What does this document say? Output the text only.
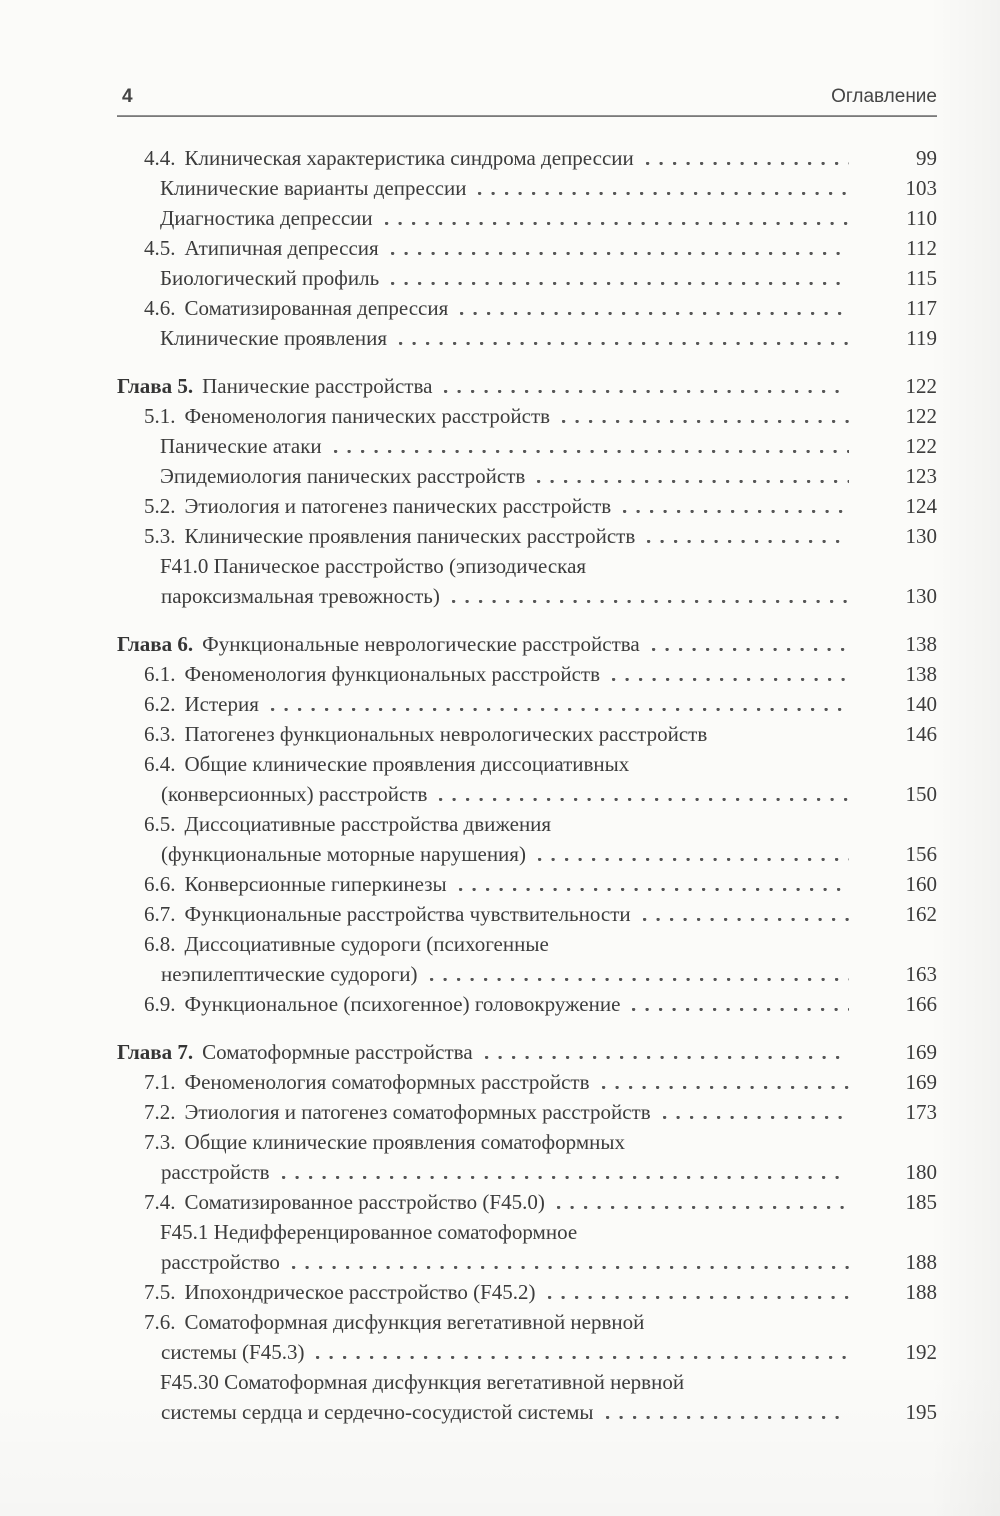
4	Оглавление
4.4. Клиническая характеристика синдрома депрессии	99
Клинические варианты депрессии	103
Диагностика депрессии	110
4.5. Атипичная депрессия	112
Биологический профиль	115
4.6. Соматизированная депрессия	117
Клинические проявления	119
Глава 5. Панические расстройства	122
5.1. Феноменология панических расстройств	122
Панические атаки	122
Эпидемиология панических расстройств	123
5.2. Этиология и патогенез панических расстройств	124
5.3. Клинические проявления панических расстройств	130
F41.0 Паническое расстройство (эпизодическая
пароксизмальная тревожность)	130
Глава 6. Функциональные неврологические расстройства	138
6.1. Феноменология функциональных расстройств	138
6.2. Истерия	140
6.3. Патогенез функциональных неврологических расстройств	146
6.4. Общие клинические проявления диссоциативных
(конверсионных) расстройств	150
6.5. Диссоциативные расстройства движения
(функциональные моторные нарушения)	156
6.6. Конверсионные гиперкинезы	160
6.7. Функциональные расстройства чувствительности	162
6.8. Диссоциативные судороги (психогенные
неэпилептические судороги)	163
6.9. Функциональное (психогенное) головокружение	166
Глава 7. Соматоформные расстройства	169
7.1. Феноменология соматоформных расстройств	169
7.2. Этиология и патогенез соматоформных расстройств	173
7.3. Общие клинические проявления соматоформных
расстройств	180
7.4. Соматизированное расстройство (F45.0)	185
F45.1 Недифференцированное соматоформное
расстройство	188
7.5. Ипохондрическое расстройство (F45.2)	188
7.6. Соматоформная дисфункция вегетативной нервной
системы (F45.3)	192
F45.30 Соматоформная дисфункция вегетативной нервной
системы сердца и сердечно-сосудистой системы	195
